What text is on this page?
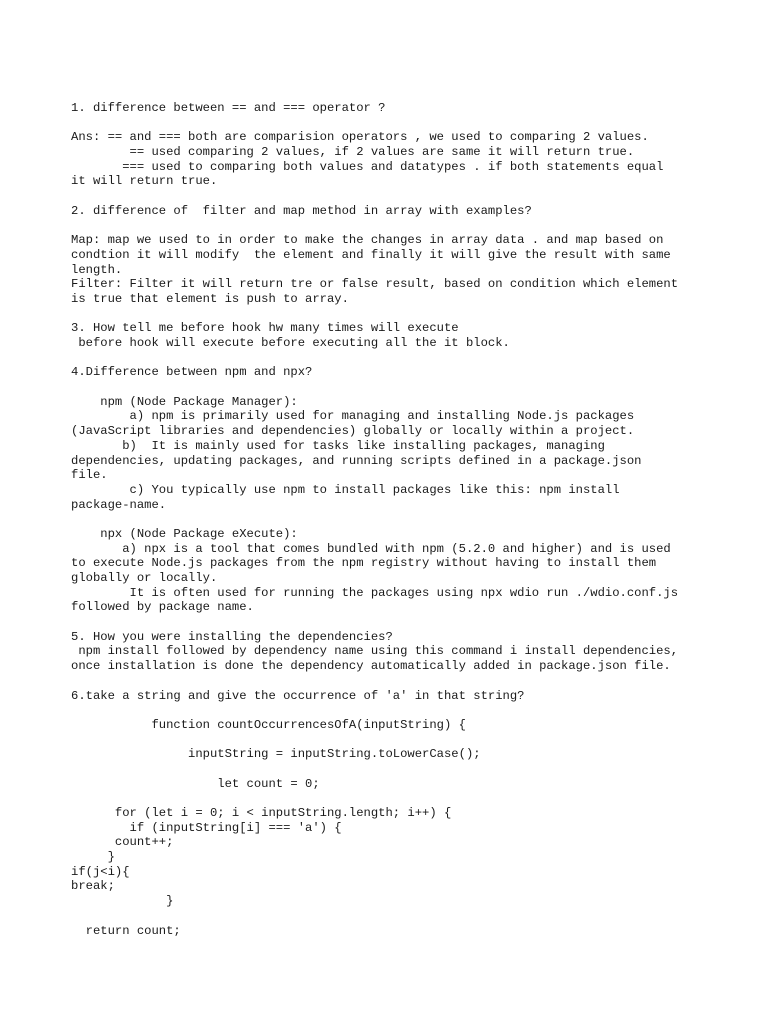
1. difference between == and === operator ?

Ans: == and === both are comparision operators , we used to comparing 2 values.

== used comparing 2 values, if 2 values are same it will return true.

=== used to comparing both values and datatypes . if both statements equal

it will return true.

2. difference of  filter and map method in array with examples?

Map: map we used to in order to make the changes in array data . and map based on

condtion it will modify  the element and finally it will give the result with same

length.

Filter: Filter it will return tre or false result, based on condition which element

is true that element is push to array.

3. How tell me before hook hw many times will execute

before hook will execute before executing all the it block.

4.Difference between npm and npx?

npm (Node Package Manager):

a) npm is primarily used for managing and installing Node.js packages

(JavaScript libraries and dependencies) globally or locally within a project.

b)  It is mainly used for tasks like installing packages, managing

dependencies, updating packages, and running scripts defined in a package.json

file.

c) You typically use npm to install packages like this: npm install

package-name.

npx (Node Package eXecute):

a) npx is a tool that comes bundled with npm (5.2.0 and higher) and is used

to execute Node.js packages from the npm registry without having to install them

globally or locally.

It is often used for running the packages using npx wdio run ./wdio.conf.js

followed by package name.

5. How you were installing the dependencies?

npm install followed by dependency name using this command i install dependencies,

once installation is done the dependency automatically added in package.json file.

6.take a string and give the occurrence of 'a' in that string?

function countOccurrencesOfA(inputString) {

inputString = inputString.toLowerCase();

let count = 0;

for (let i = 0; i < inputString.length; i++) {

if (inputString[i] === 'a') {

count++;

}

if(j<i){

break;

}

return count;
